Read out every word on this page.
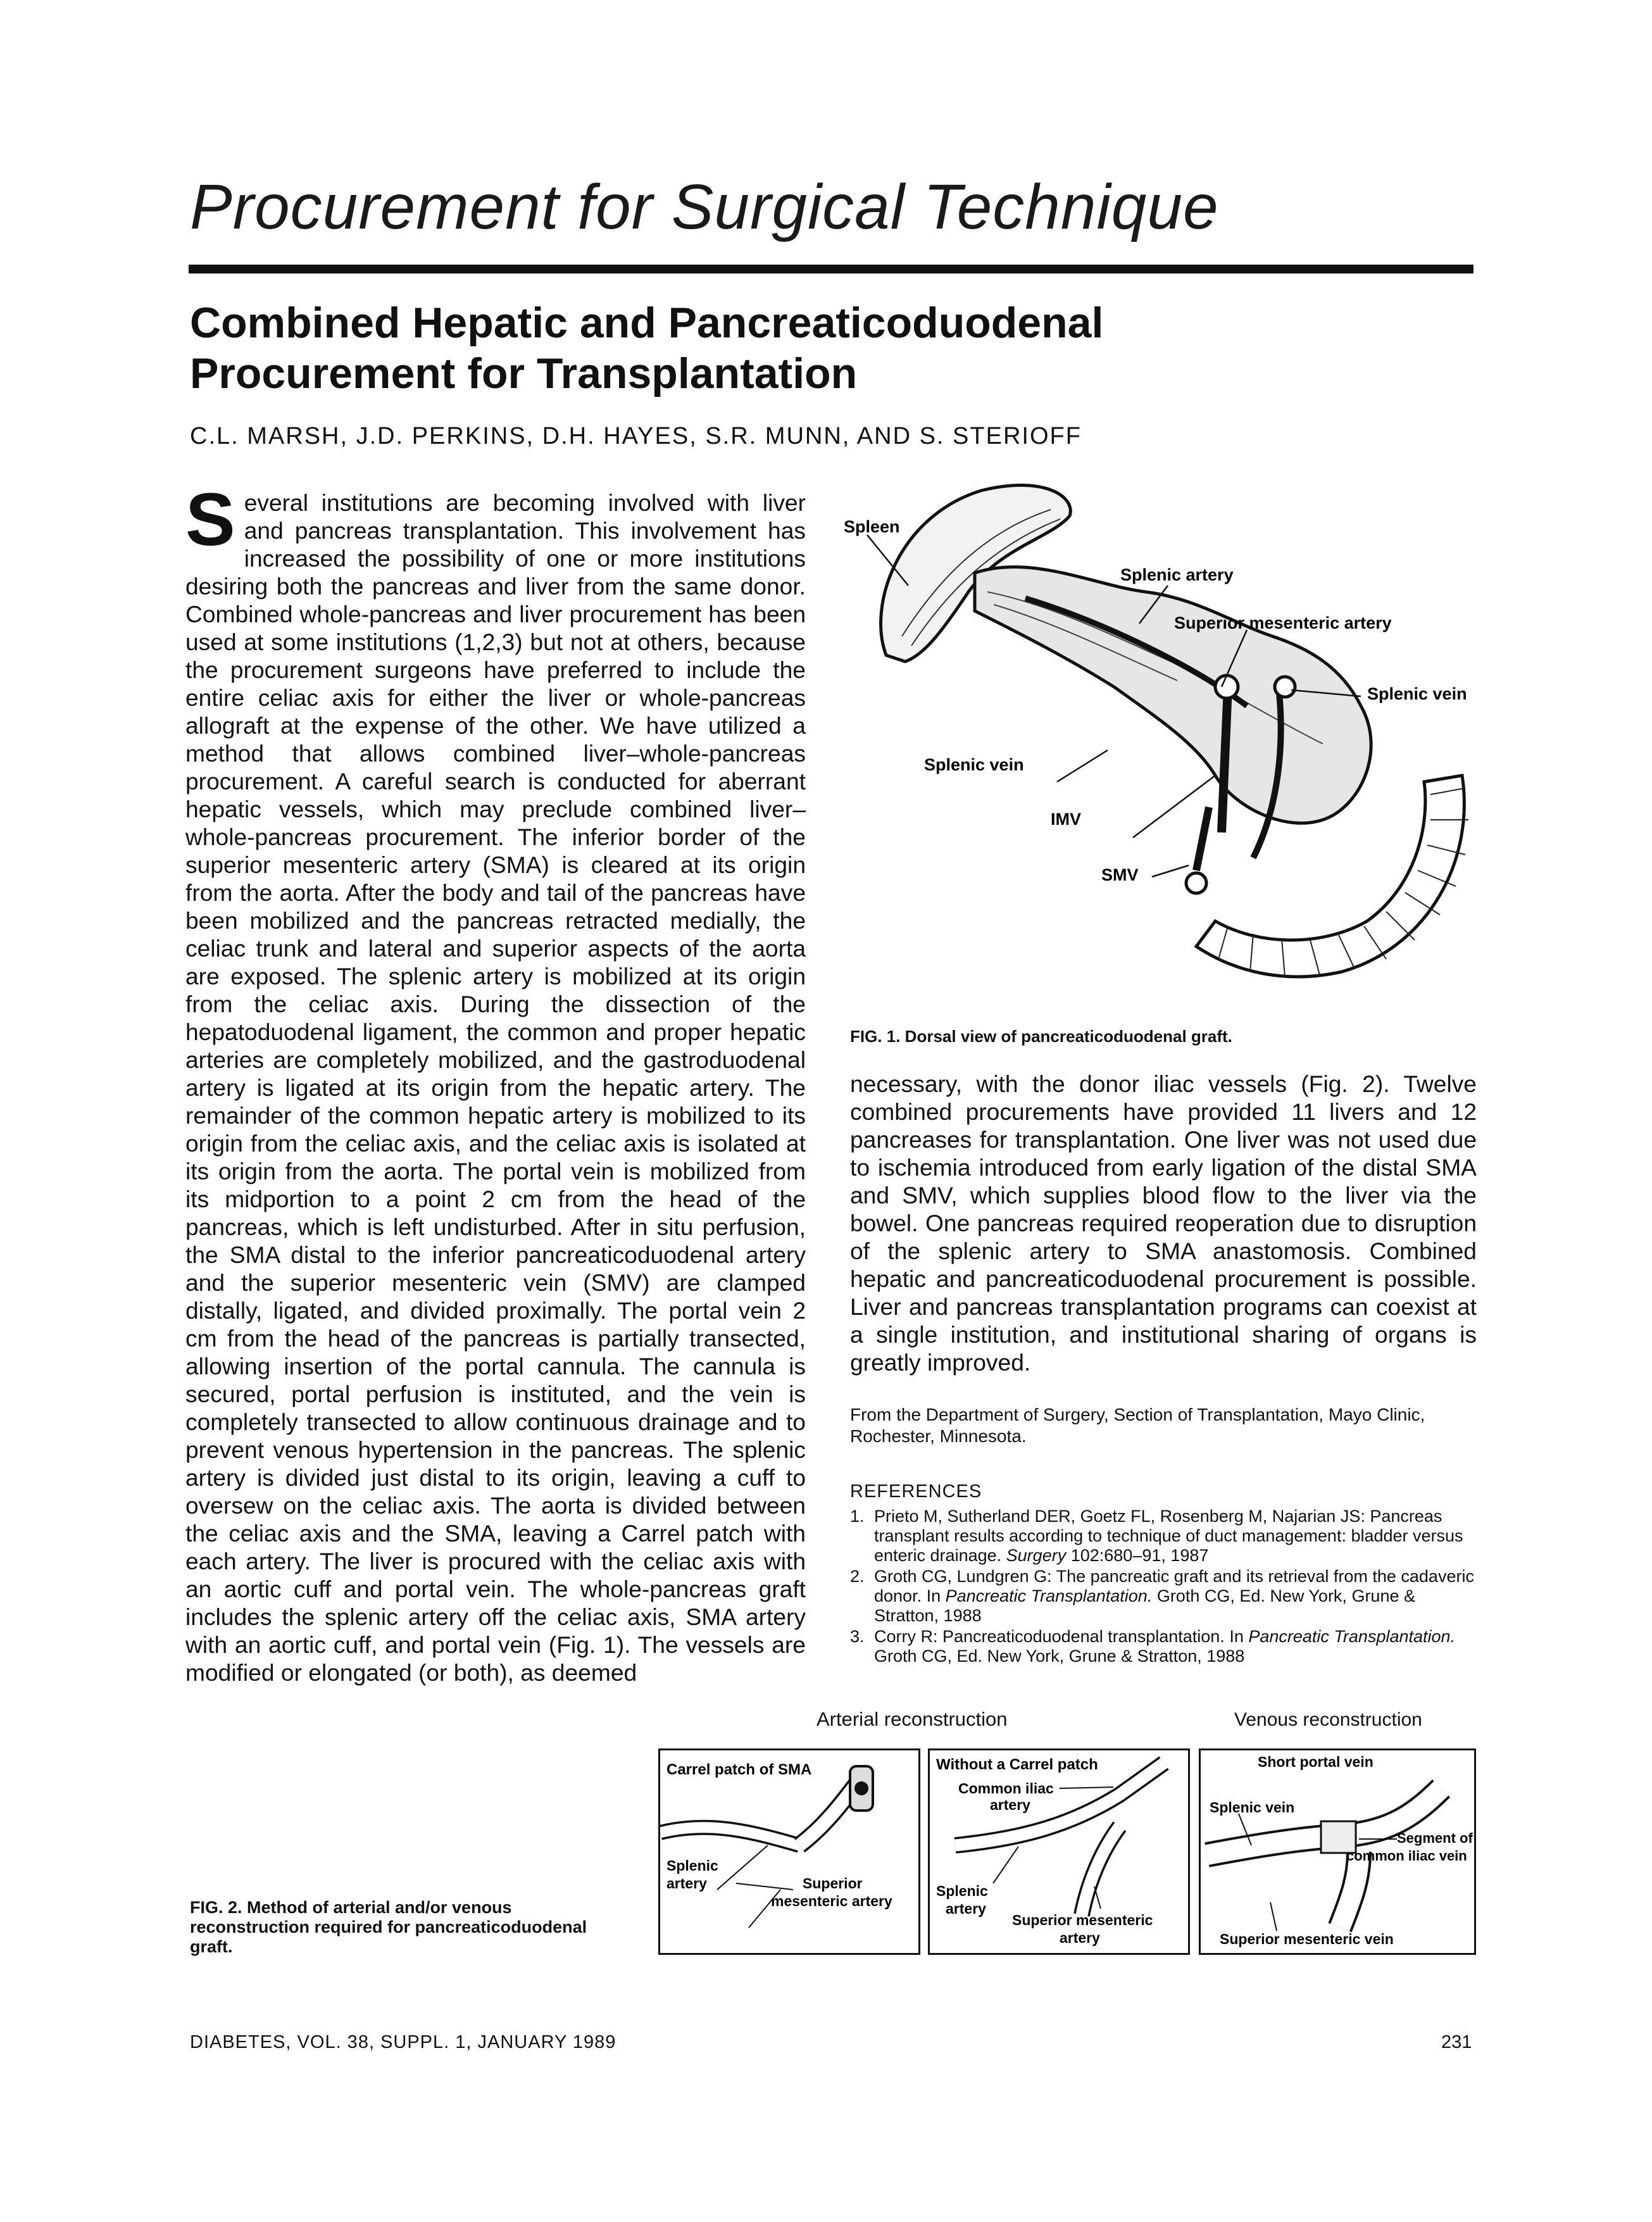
Procurement for Surgical Technique
Combined Hepatic and Pancreaticoduodenal
Procurement for Transplantation
C.L. MARSH, J.D. PERKINS, D.H. HAYES, S.R. MUNN, AND S. STERIOFF
S everal institutions are becoming involved with liver and pancreas transplantation. This involvement has increased the possibility of one or more institutions desiring both the pancreas and liver from the same donor. Combined whole-pancreas and liver procurement has been used at some institutions (1,2,3) but not at others, because the procurement surgeons have preferred to include the entire celiac axis for either the liver or whole-pancreas allograft at the expense of the other. We have utilized a method that allows combined liver–whole-pancreas procurement. A careful search is conducted for aberrant hepatic vessels, which may preclude combined liver–whole-pancreas procurement. The inferior border of the superior mesenteric artery (SMA) is cleared at its origin from the aorta. After the body and tail of the pancreas have been mobilized and the pancreas retracted medially, the celiac trunk and lateral and superior aspects of the aorta are exposed. The splenic artery is mobilized at its origin from the celiac axis. During the dissection of the hepatoduodenal ligament, the common and proper hepatic arteries are completely mobilized, and the gastroduodenal artery is ligated at its origin from the hepatic artery. The remainder of the common hepatic artery is mobilized to its origin from the celiac axis, and the celiac axis is isolated at its origin from the aorta. The portal vein is mobilized from its midportion to a point 2 cm from the head of the pancreas, which is left undisturbed. After in situ perfusion, the SMA distal to the inferior pancreaticoduodenal artery and the superior mesenteric vein (SMV) are clamped distally, ligated, and divided proximally. The portal vein 2 cm from the head of the pancreas is partially transected, allowing insertion of the portal cannula. The cannula is secured, portal perfusion is instituted, and the vein is completely transected to allow continuous drainage and to prevent venous hypertension in the pancreas. The splenic artery is divided just distal to its origin, leaving a cuff to oversew on the celiac axis. The aorta is divided between the celiac axis and the SMA, leaving a Carrel patch with each artery. The liver is procured with the celiac axis with an aortic cuff and portal vein. The whole-pancreas graft includes the splenic artery off the celiac axis, SMA artery with an aortic cuff, and portal vein (Fig. 1). The vessels are modified or elongated (or both), as deemed
Spleen
Splenic artery
Superior mesenteric artery
Splenic vein
Splenic vein
IMV
SMV
FIG. 1. Dorsal view of pancreaticoduodenal graft.
necessary, with the donor iliac vessels (Fig. 2). Twelve combined procurements have provided 11 livers and 12 pancreases for transplantation. One liver was not used due to ischemia introduced from early ligation of the distal SMA and SMV, which supplies blood flow to the liver via the bowel. One pancreas required reoperation due to disruption of the splenic artery to SMA anastomosis. Combined hepatic and pancreaticoduodenal procurement is possible. Liver and pancreas transplantation programs can coexist at a single institution, and institutional sharing of organs is greatly improved.
From the Department of Surgery, Section of Transplantation, Mayo Clinic, Rochester, Minnesota.
REFERENCES
1. Prieto M, Sutherland DER, Goetz FL, Rosenberg M, Najarian JS: Pancreas transplant results according to technique of duct management: bladder versus enteric drainage. Surgery 102:680–91, 1987
2. Groth CG, Lundgren G: The pancreatic graft and its retrieval from the cadaveric donor. In Pancreatic Transplantation. Groth CG, Ed. New York, Grune & Stratton, 1988
3. Corry R: Pancreaticoduodenal transplantation. In Pancreatic Transplantation. Groth CG, Ed. New York, Grune & Stratton, 1988
Arterial reconstruction	Venous reconstruction
Carrel patch of SMA
Splenic
artery	Superior
mesenteric artery
Without a Carrel patch
Common iliac
artery
Splenic
artery
Superior mesenteric
artery
Short portal vein
Splenic vein
Segment of
common iliac vein
Superior mesenteric vein
FIG. 2. Method of arterial and/or venous reconstruction required for pancreaticoduodenal graft.
DIABETES, VOL. 38, SUPPL. 1, JANUARY 1989	231
